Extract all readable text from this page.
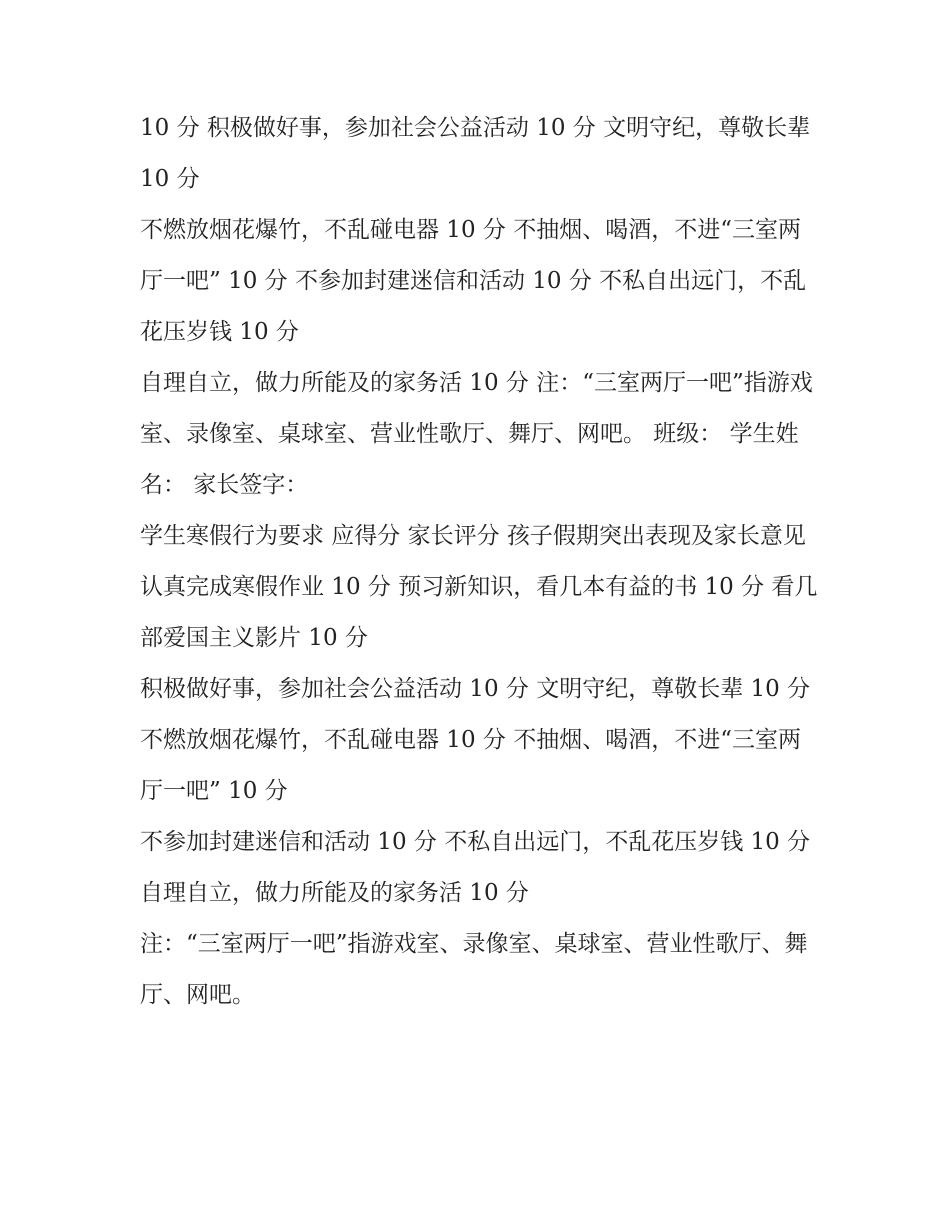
10 分 积极做好事，参加社会公益活动 10 分 文明守纪，尊敬长辈 10 分

不燃放烟花爆竹，不乱碰电器 10 分 不抽烟、喝酒，不进“三室两厅一吧” 10 分 不参加封建迷信和活动 10 分 不私自出远门，不乱花压岁钱 10 分

自理自立，做力所能及的家务活 10 分 注：“三室两厅一吧”指游戏室、录像室、桌球室、营业性歌厅、舞厅、网吧。 班级： 学生姓名： 家长签字：

学生寒假行为要求 应得分 家长评分 孩子假期突出表现及家长意见 认真完成寒假作业 10 分 预习新知识，看几本有益的书 10 分 看几部爱国主义影片 10 分

积极做好事，参加社会公益活动 10 分 文明守纪，尊敬长辈 10 分 不燃放烟花爆竹，不乱碰电器 10 分 不抽烟、喝酒，不进“三室两厅一吧” 10 分

不参加封建迷信和活动 10 分 不私自出远门，不乱花压岁钱 10 分 自理自立，做力所能及的家务活 10 分

注：“三室两厅一吧”指游戏室、录像室、桌球室、营业性歌厅、舞厅、网吧。
